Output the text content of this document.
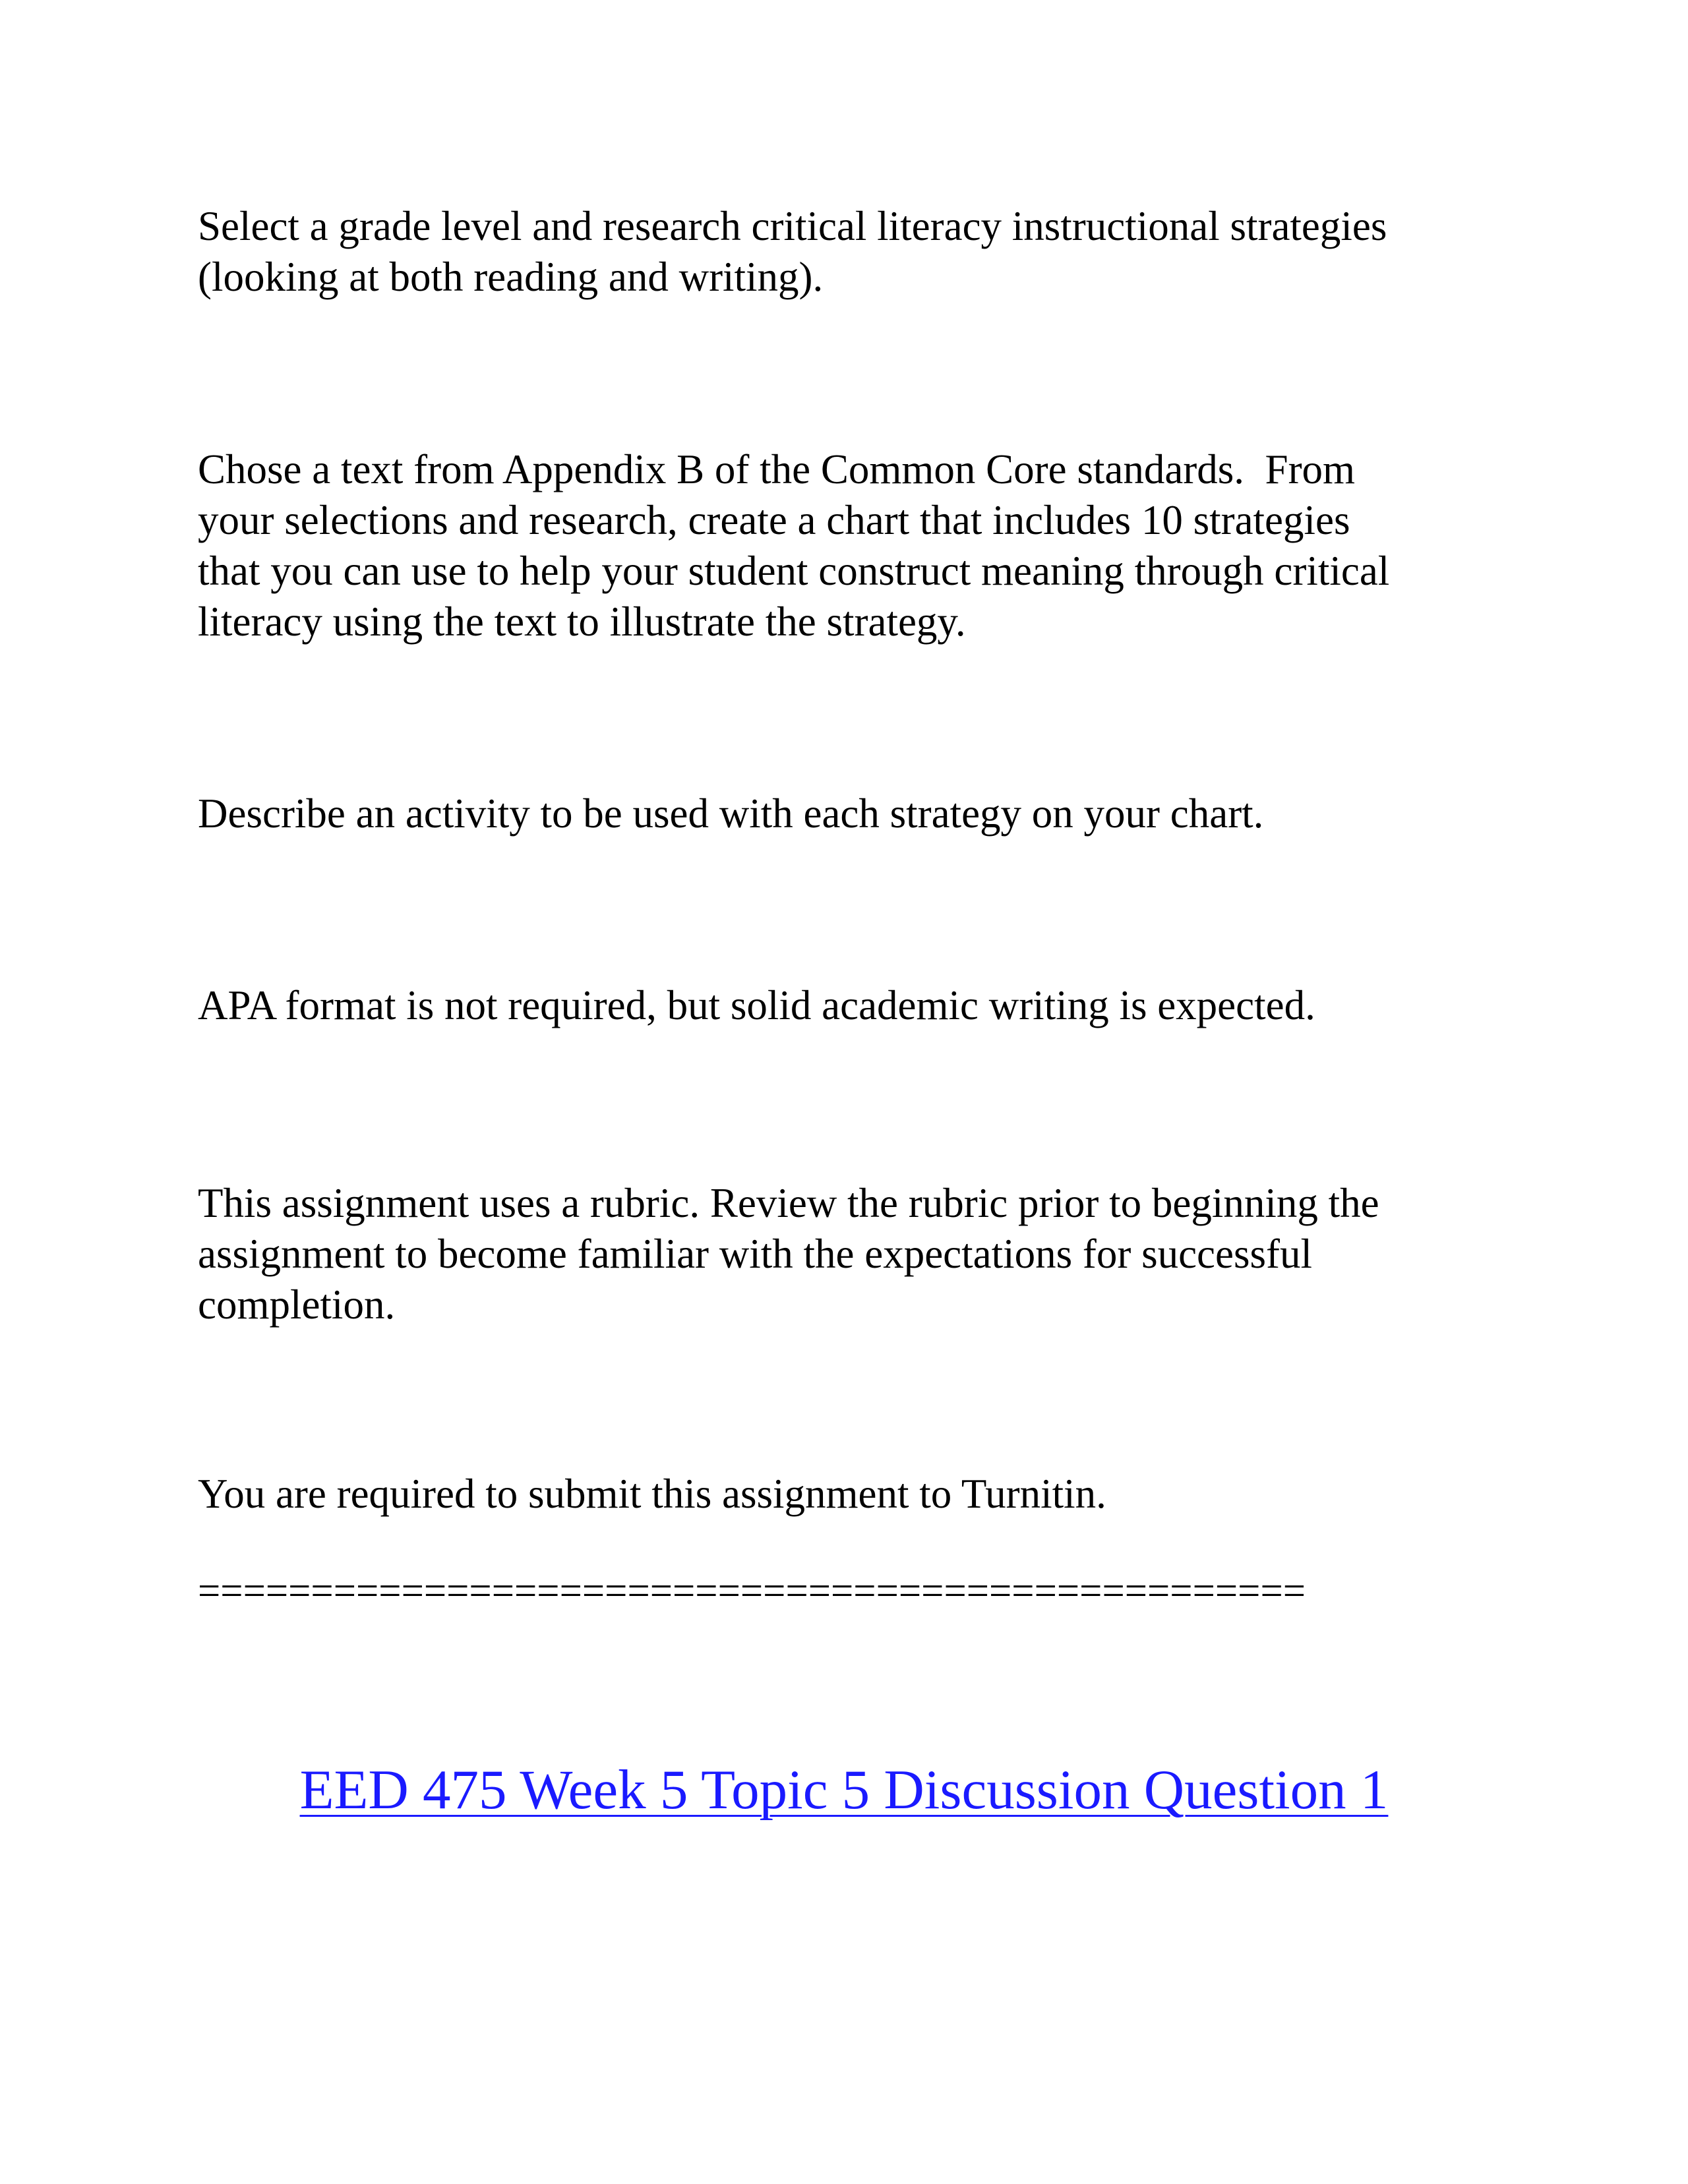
Select a grade level and research critical literacy instructional strategies
(looking at both reading and writing).

Chose a text from Appendix B of the Common Core standards.  From
your selections and research, create a chart that includes 10 strategies
that you can use to help your student construct meaning through critical
literacy using the text to illustrate the strategy.

Describe an activity to be used with each strategy on your chart.

APA format is not required, but solid academic writing is expected.

This assignment uses a rubric. Review the rubric prior to beginning the
assignment to become familiar with the expectations for successful
completion.

You are required to submit this assignment to Turnitin.

=================================================
EED 475 Week 5 Topic 5 Discussion Question 1
